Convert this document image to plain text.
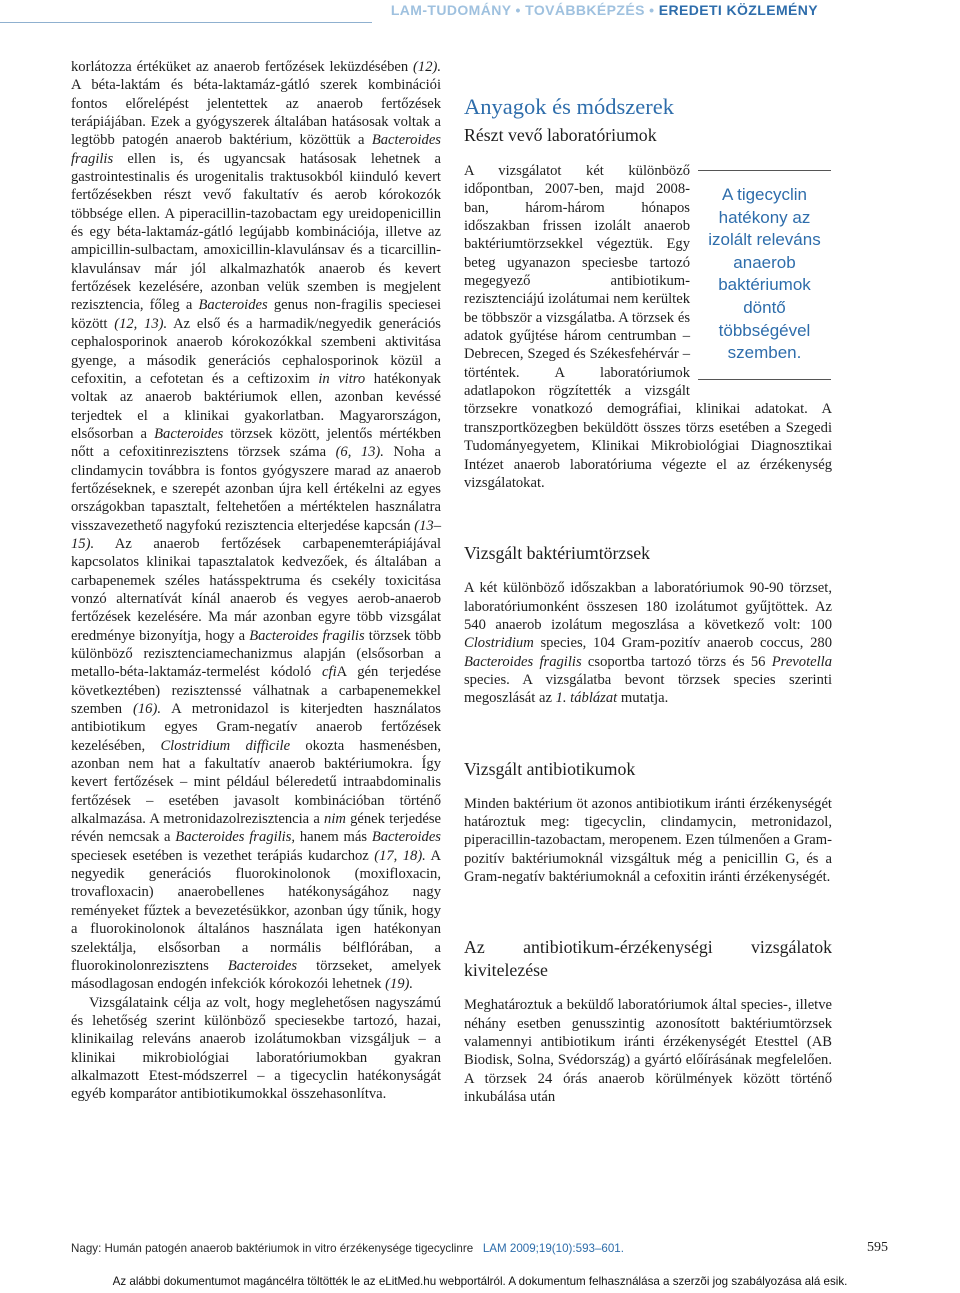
LAM-TUDOMÁNY • TOVÁBBKÉPZÉS • EREDETI KÖZLEMÉNY

korlátozza értéküket az anaerob fertőzések leküzdésében (12). A béta-laktám és béta-laktamáz-gátló szerek kombinációi fontos előrelépést jelentettek az anaerob fertőzések terápiájában. Ezek a gyógyszerek általában hatásosak voltak a legtöbb patogén anaerob baktérium, közöttük a Bacteroides fragilis ellen is, és ugyancsak hatásosak lehetnek a gastrointestinalis és urogenitalis traktusokból kiinduló kevert fertőzésekben részt vevő fakultatív és aerob kórokozók többsége ellen. A piperacillin-tazobactam egy ureidopenicillin és egy béta-laktamáz-gátló legújabb kombinációja, illetve az ampicillin-sulbactam, amoxicillin-klavulánsav és a ticarcillin-klavulánsav már jól alkalmazhatók anaerob és kevert fertőzések kezelésére, azonban velük szemben is megjelent rezisztencia, főleg a Bacteroides genus non-fragilis speciesei között (12, 13). Az első és a harmadik/negyedik generációs cephalosporinok anaerob kórokozókkal szembeni aktivitása gyenge, a második generációs cephalosporinok közül a cefoxitin, a cefotetan és a ceftizoxim in vitro hatékonyak voltak az anaerob baktériumok ellen, azonban kevéssé terjedtek el a klinikai gyakorlatban. Magyarországon, elsősorban a Bacteroides törzsek között, jelentős mértékben nőtt a cefoxitinrezisztens törzsek száma (6, 13). Noha a clindamycin továbbra is fontos gyógyszere marad az anaerob fertőzéseknek, e szerepét azonban újra kell értékelni az egyes országokban tapasztalt, feltehetően a mértéktelen használatra visszavezethető nagyfokú rezisztencia elterjedése kapcsán (13–15). Az anaerob fertőzések carbapenemterápiájával kapcsolatos klinikai tapasztalatok kedvezőek, és általában a carbapenemek széles hatásspektruma és csekély toxicitása vonzó alternatívát kínál anaerob és vegyes aerob-anaerob fertőzések kezelésére. Ma már azonban egyre több vizsgálat eredménye bizonyítja, hogy a Bacteroides fragilis törzsek több különböző rezisztenciamechanizmus alapján (elsősorban a metallo-béta-laktamáz-termelést kódoló cfiA gén terjedése következtében) rezisztenssé válhatnak a carbapenemekkel szemben (16). A metronidazol is kiterjedten használatos antibiotikum egyes Gram-negatív anaerob fertőzések kezelésében, Clostridium difficile okozta hasmenésben, azonban nem hat a fakultatív anaerob baktériumokra. Így kevert fertőzések – mint például béleredetű intraabdominalis fertőzések – esetében javasolt kombinációban történő alkalmazása. A metronidazolrezisztencia a nim gének terjedése révén nemcsak a Bacteroides fragilis, hanem más Bacteroides speciesek esetében is vezethet terápiás kudarchoz (17, 18). A negyedik generációs fluorokinolonok (moxifloxacin, trovafloxacin) anaerobellenes hatékonyságához nagy reményeket fűztek a bevezetésükkor, azonban úgy tűnik, hogy a fluorokinolonok általános használata igen hatékonyan szelektálja, elsősorban a normális bélflórában, a fluorokinolonrezisztens Bacteroides törzseket, amelyek másodlagosan endogén infekciók kórokozói lehetnek (19).

Vizsgálataink célja az volt, hogy meglehetősen nagyszámú és lehetőség szerint különböző speciesekbe tartozó, hazai, klinikailag releváns anaerob izolátumokban vizsgáljuk – a klinikai mikrobiológiai laboratóriumokban gyakran alkalmazott Etest-módszerrel – a tigecyclin hatékonyságát egyéb komparátor antibiotikumokkal összehasonlítva.

Anyagok és módszerek
Részt vevő laboratóriumok
A tigecyclin hatékony az izolált releváns anaerob baktériumok döntő többségével szemben.

A vizsgálatot két különböző időpontban, 2007-ben, majd 2008-ban, három-három hónapos időszakban frissen izolált anaerob baktériumtörzsekkel végeztük. Egy beteg ugyanazon speciesbe tartozó megegyező antibiotikum-rezisztenciájú izolátumai nem kerültek be többször a vizsgálatba. A törzsek és adatok gyűjtése három centrumban – Debrecen, Szeged és Székesfehérvár – történtek. A laboratóriumok adatlapokon rögzítették a vizsgált törzsekre vonatkozó demográfiai, klinikai adatokat. A transzportközegben beküldött összes törzs esetében a Szegedi Tudományegyetem, Klinikai Mikrobiológiai Diagnosztikai Intézet anaerob laboratóriuma végezte el az érzékenység vizsgálatokat.

Vizsgált baktériumtörzsek

A két különböző időszakban a laboratóriumok 90-90 törzset, laboratóriumonként összesen 180 izolátumot gyűjtöttek. Az 540 anaerob izolátum megoszlása a következő volt: 100 Clostridium species, 104 Gram-pozitív anaerob coccus, 280 Bacteroides fragilis csoportba tartozó törzs és 56 Prevotella species. A vizsgálatba bevont törzsek species szerinti megoszlását az 1. táblázat mutatja.

Vizsgált antibiotikumok

Minden baktérium öt azonos antibiotikum iránti érzékenységét határoztuk meg: tigecyclin, clindamycin, metronidazol, piperacillin-tazobactam, meropenem. Ezen túlmenően a Gram-pozitív baktériumoknál vizsgáltuk még a penicillin G, és a Gram-negatív baktériumoknál a cefoxitin iránti érzékenységét.

Az antibiotikum-érzékenységi vizsgálatok kivitelezése

Meghatároztuk a beküldő laboratóriumok által species-, illetve néhány esetben genusszintig azonosított baktériumtörzsek valamennyi antibiotikum iránti érzékenységét Etesttel (AB Biodisk, Solna, Svédország) a gyártó előírásának megfelelően. A törzsek 24 órás anaerob körülmények között történő inkubálása után

Nagy: Humán patogén anaerob baktériumok in vitro érzékenysége tigecyclinre LAM 2009;19(10):593–601.	595
Az alábbi dokumentumot magáncélra töltötték le az eLitMed.hu webportálról. A dokumentum felhasználása a szerzõi jog szabályozása alá esik.
